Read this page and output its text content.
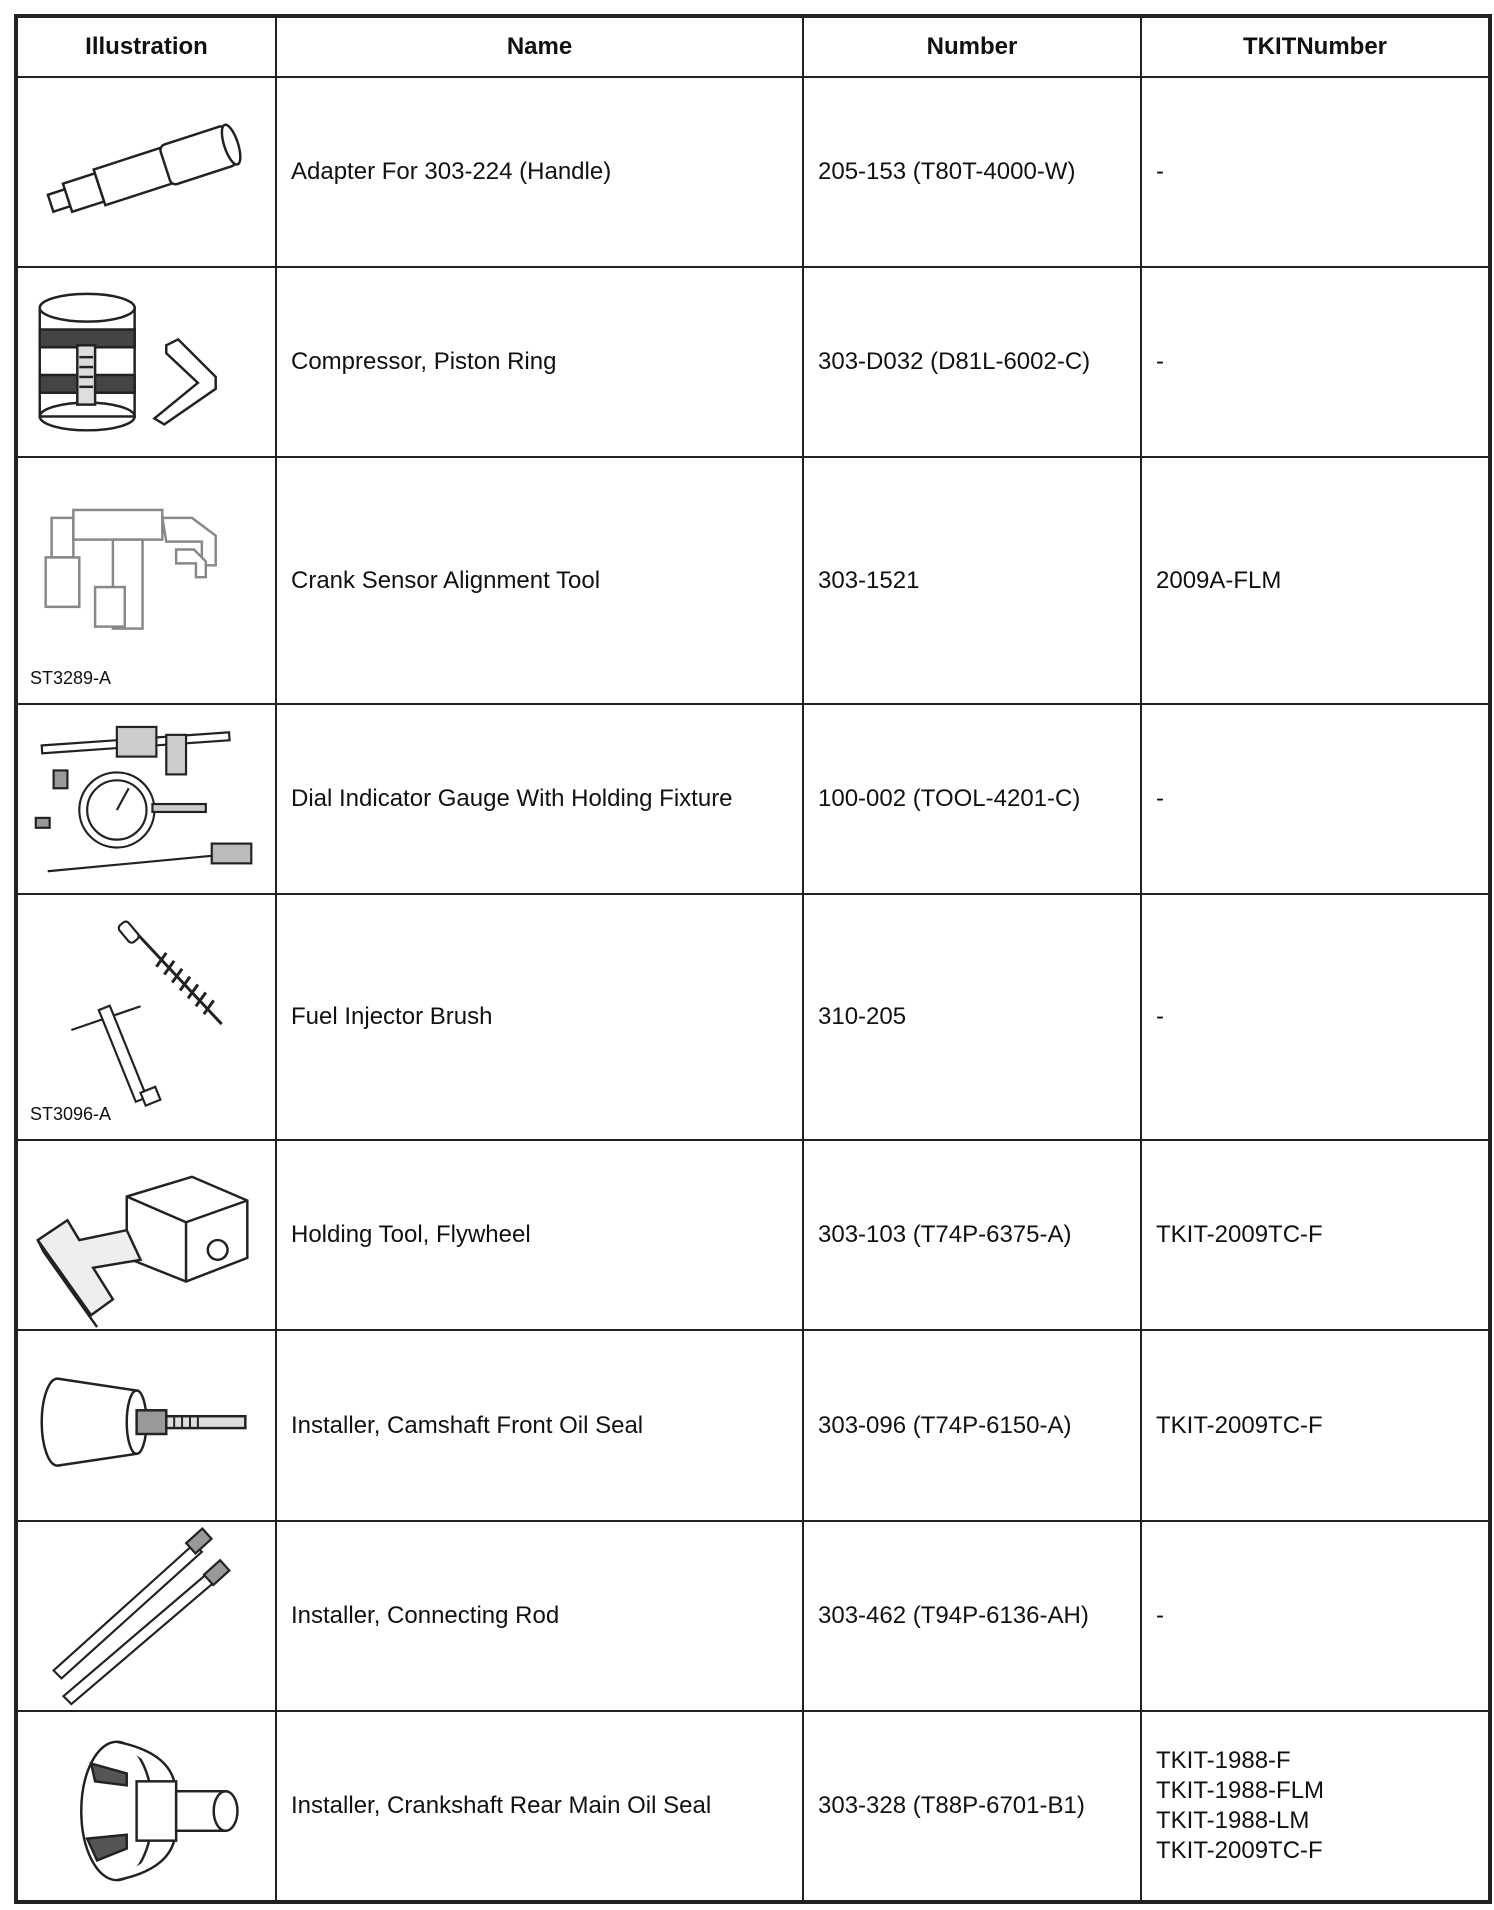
Illustration	Name	Number	TKITNumber

	Adapter For 303-224 (Handle)	205-153 (T80T-4000-W)	-

	Compressor, Piston Ring	303-D032 (D81L-6002-C)	-

ST3289-A	Crank Sensor Alignment Tool	303-1521	2009A-FLM

	Dial Indicator Gauge With Holding Fixture	100-002 (TOOL-4201-C)	-

ST3096-A	Fuel Injector Brush	310-205	-

	Holding Tool, Flywheel	303-103 (T74P-6375-A)	TKIT-2009TC-F

	Installer, Camshaft Front Oil Seal	303-096 (T74P-6150-A)	TKIT-2009TC-F

	Installer, Connecting Rod	303-462 (T94P-6136-AH)	-

	Installer, Crankshaft Rear Main Oil Seal	303-328 (T88P-6701-B1)	TKIT-1988-F
TKIT-1988-FLM
TKIT-1988-LM
TKIT-2009TC-F
